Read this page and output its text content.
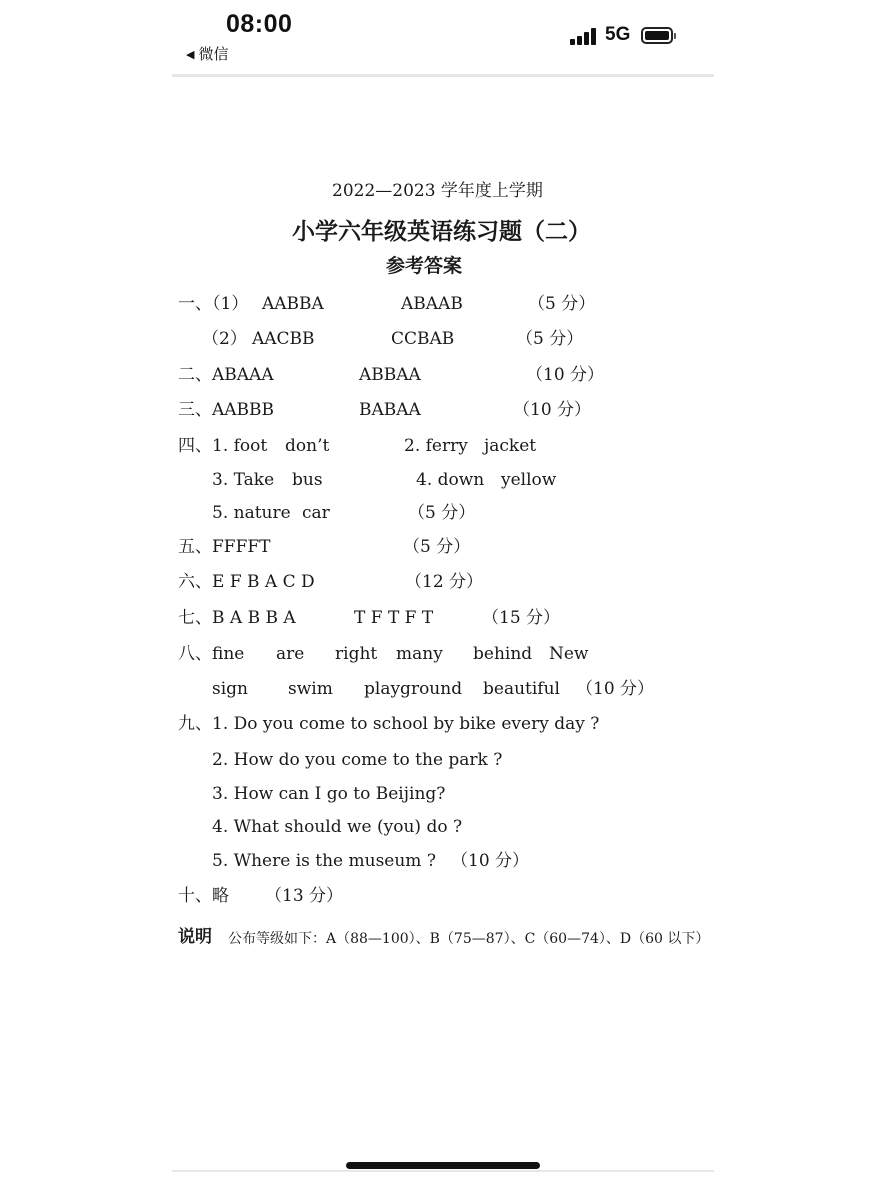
08:00
◀ 微信
5G
2022—2023 学年度上学期
小学六年级英语练习题（二）
参考答案
一、（1） AABBA	ABAAB	（5 分）
（2） AACBB	CCBAB	（5 分）
二、ABAAA	ABBAA	（10 分）
三、AABBB	BABAA	（10 分）
四、1. foot don’t	2. ferry jacket
3. Take bus	4. down yellow
5. nature car	（5 分）
五、FFFFT	（5 分）
六、E F B A C D	（12 分）
七、B A B B A	T F T F T	（15 分）
八、fine are right many behind New
sign swim playground beautiful （10 分）
九、1. Do you come to school by bike every day ?
2. How do you come to the park ?
3. How can I go to Beijing?
4. What should we (you) do ?
5. Where is the museum ? （10 分）
十、略 （13 分）
说明 公布等级如下：A（88—100）、B（75—87）、C（60—74）、D（60 以下）
